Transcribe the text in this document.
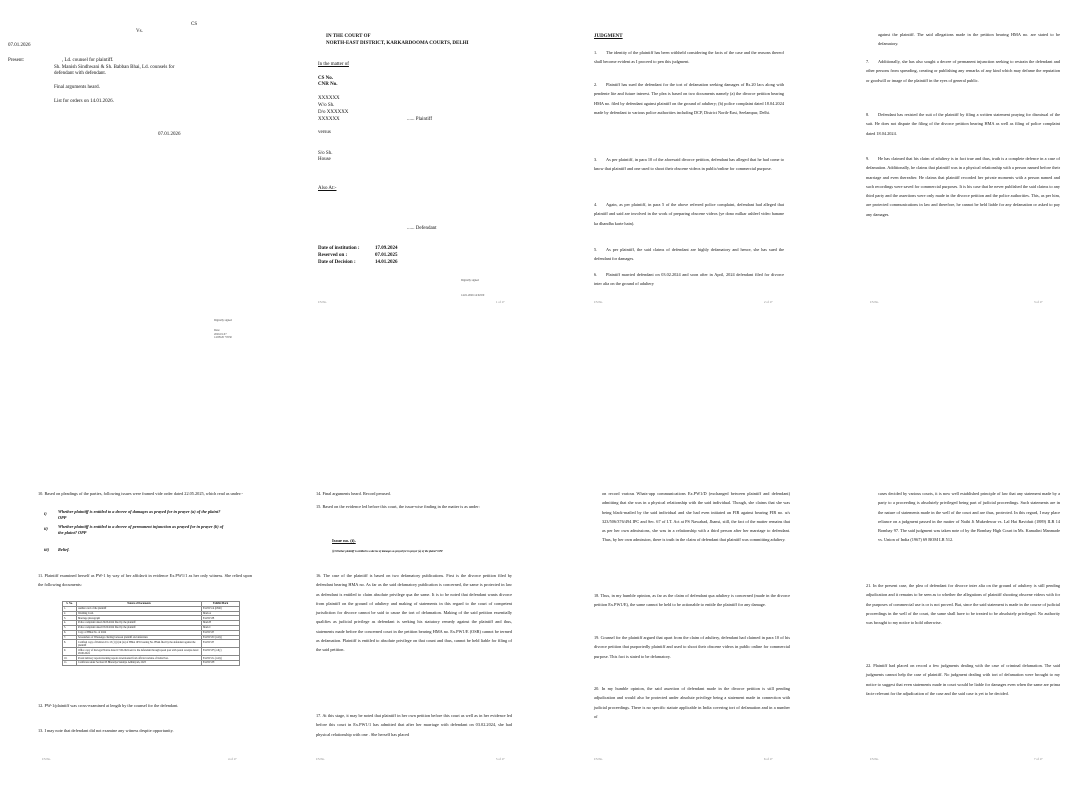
CS
Vs.
07.01.2026
Present:	, Ld. counsel for plaintiff.
Sh. Manish Sindhwani & Sh. Babban Bhai, Ld. counsels for
defendant with defendant.
Final arguments heard.
List for orders on 14.01.2026.
07.01.2026
Digitally signed
Date:
2026.01.07
14:08:26 +0530
IN THE COURT OF
NORTH-EAST DISTRICT, KARKARDOOMA COURTS, DELHI
In the matter of
CS No.
CNR No.
XXXXXX
W/o Sh.
D/o XXXXXX
XXXXXX	...... Plaintiff
versus
S/o Sh.
House
Also At:-
...... Defendant
Date of institution :	17.09.2024
Reserved on :	07.01.2025
Date of Decision :	14.01.2026
Digitally signed
14.01.2026 14:02:00
CS No.	1 of 17
JUDGMENT
1. The identity of the plaintiff has been withheld considering the facts of the case and the reasons thereof shall become evident as I proceed to pen this judgment.
2. Plaintiff has sued the defendant for the tort of defamation seeking damages of Rs.20 lacs along with pendente lite and future interest. The plea is based on two documents namely (a) the divorce petition bearing HMA no. filed by defendant against plaintiff on the ground of adultery; (b) police complaint dated 18.04.2024 made by defendant to various police authorities including DCP, District North-East, Seelampur, Delhi.
3. As per plaintiff, in para 10 of the aforesaid divorce petition, defendant has alleged that he had come to know that plaintiff and one used to shoot their obscene videos in public/online for commercial purpose.
4. Again, as per plaintiff, in para 5 of the above referred police complaint, defendant had alleged that plaintiff and said are involved in the work of preparing obscene videos (ye dono milkar ashleel video banane ka dhandha karte hain).
5. As per plaintiff, the said claims of defendant are highly defamatory and hence, she has sued the defendant for damages.
6. Plaintiff married defendant on 03.02.2024 and soon after in April, 2024 defendant filed for divorce inter alia on the ground of adultery
CS No.	2 of 17
against the plaintiff. The said allegations made in the petition bearing HMA no. are stated to be defamatory.
7. Additionally, she has also sought a decree of permanent injunction seeking to restrain the defendant and other persons from spreading, creating or publishing any remarks of any kind which may defame the reputation or goodwill or image of the plaintiff in the eyes of general public.
8. Defendant has resisted the suit of the plaintiff by filing a written statement praying for dismissal of the suit. He does not dispute the filing of the divorce petition bearing HMA as well as filing of police complaint dated 18.04.2024.
9. He has claimed that his claim of adultery is in fact true and thus, truth is a complete defence in a case of defamation. Additionally, he claims that plaintiff was in a physical relationship with a person named before their marriage and even thereafter. He claims that plaintiff recorded her private moments with a person named and such recordings were saved for commercial purposes. It is his case that he never published the said claims to any third party and the assertions were only made in the divorce petition and the police authorities. This, as per him, are protected communications in law and therefore, he cannot be held liable for any defamation or asked to pay any damages.
CS No.	3 of 17
10. Based on pleadings of the parties, following issues were framed vide order dated 22.05.2025, which read as under:-
i)	Whether plaintiff is entitled to a decree of damages as prayed for in prayer (a) of the plaint? OPP
ii)	Whether plaintiff is entitled to a decree of permanent injunction as prayed for in prayer (b) of the plaint? OPP
iii)	Relief.
11. Plaintiff examined herself as PW-1 by way of her affidavit in evidence Ex.PW1/1 as her only witness. She relied upon the following documents:
S. No.	Nature of Documents	Exhibit/Mark
1.	Aadhar card of the plaintiff	Ex.PW1/A (OSR)
2.	Wedding Card.	Mark A
3.	Marriage photograph	Ex.PW1/B
4.	Police complaint dated 29.06.2024 filed by the plaintiff	Mark B
5.	Police complaint dated 05.09.2024 filed by the plaintiff	Mark C
6.	Copy of HMA No. of 2024	Ex.PW1/E
7.	Screenshots of WhatsApp chatting between plaintiff and defendant.	Ex.PW1/D (colly)
8.	Certified copy of Petition U/s 13 (1) (i) & (ia) of HMA 1955 bearing No. HMA filed by the defendant against the plaintiff	Ex.PW1/E
9.	Office copy of the legal Notice dated 17.06.2024 sent to the defendant through speed post with postal receipts dated 28.06.2024	Ex.PW1/F (colly)
10.	Postal delivery reports/tracking reports downloaded from official website of India Post.	Ex.PW1/G (colly)
11.	Certificate under Section 63 Bharatiya Sakshya Adhiniyam, 2023	Ex.PW1/H
12. PW-1/plaintiff was cross-examined at length by the counsel for the defendant.
13. I may note that defendant did not examine any witness despite opportunity.
CS No.	4 of 17
14. Final arguments heard. Record perused.
15. Based on the evidence led before this court, the issue-wise finding in the matter is as under:
Issue no. (i).
(i) Whether plaintiff is entitled to a decree of damages as prayed for in prayer (a) of the plaint? OPP
16. The case of the plaintiff is based on two defamatory publications. First is the divorce petition filed by defendant bearing HMA no. As far as the said defamatory publication is concerned, the same is protected in law as defendant is entitled to claim absolute privilege qua the same. It is to be noted that defendant wants divorce from plaintiff on the ground of adultery and making of statements in this regard to the court of competent jurisdiction for divorce cannot be said to cause the tort of defamation. Making of the said petition essentially qualifies as judicial privilege as defendant is seeking his statutory remedy against the plaintiff and thus, statements made before the concerned court in the petition bearing HMA no. Ex.PW1/E (OSR) cannot be termed as defamation. Plaintiff is entitled to absolute privilege on that count and thus, cannot be held liable for filing of the said petition.
17. At this stage, it may be noted that plaintiff in her own petition before this court as well as in her evidence led before this court in Ex.PW1/1 has admitted that after her marriage with defendant on 03.02.2024, she had physical relationship with one . She herself has placed
CS No.	5 of 17
on record various Whats-app communications Ex.PW1/D (exchanged between plaintiff and defendant) admitting that she was in a physical relationship with the said individual. Though, she claims that she was being black-mailed by the said individual and she had even initiated an FIR against bearing FIR no. u/s 323/506/376/494 IPC and Sec. 67 of I.T. Act at PS Nawabad, Jhansi, still, the fact of the matter remains that as per her own admissions, she was in a relationship with a third person after her marriage to defendant. Thus, by her own admission, there is truth in the claim of defendant that plaintiff was committing adultery.
18. Thus, in my humble opinion, as far as the claim of defendant qua adultery is concerned (made in the divorce petition Ex.PW1/E), the same cannot be held to be actionable to entitle the plaintiff for any damage.
19. Counsel for the plaintiff argued that apart from the claim of adultery, defendant had claimed in para 10 of his divorce petition that purportedly plaintiff and used to shoot their obscene videos in public online for commercial purpose. This fact is stated to be defamatory.
20. In my humble opinion, the said assertion of defendant made in the divorce petition is still pending adjudication and would also be protected under absolute privilege being a statement made in connection with judicial proceedings. There is no specific statute applicable in India covering tort of defamation and in a number of
CS No.	6 of 17
cases decided by various courts, it is now well established principle of law that any statement made by a party to a proceeding is absolutely privileged being part of judicial proceedings. Such statements are in the nature of statements made in the well of the court and are thus, protected. In this regard, I may place reliance on a judgment passed in the matter of Nathi Ji Mukedewar vs. Lal Hai Ravidutt (1889) ILR 14 Bombay 97. The said judgment was taken note of by the Bombay High Court in Ms. Kamalini Manmade vs. Union of India (1967) 69 BOM LR 512.
21. In the present case, the plea of defendant for divorce inter alia on the ground of adultery is still pending adjudication and it remains to be seen as to whether the allegations of plaintiff shooting obscene videos with for the purposes of commercial use is or is not proved. But, since the said statement is made in the course of judicial proceedings in the well of the court, the same shall have to be treated to be absolutely privileged. No authority was brought to my notice to hold otherwise.
22. Plaintiff had placed on record a few judgments dealing with the case of criminal defamation. The said judgments cannot help the case of plaintiff. No judgment dealing with tort of defamation were brought to my notice to suggest that even statements made in court would be liable for damages even when the same are prima facie relevant for the adjudication of the case and the said case is yet to be decided.
CS No.	7 of 17
